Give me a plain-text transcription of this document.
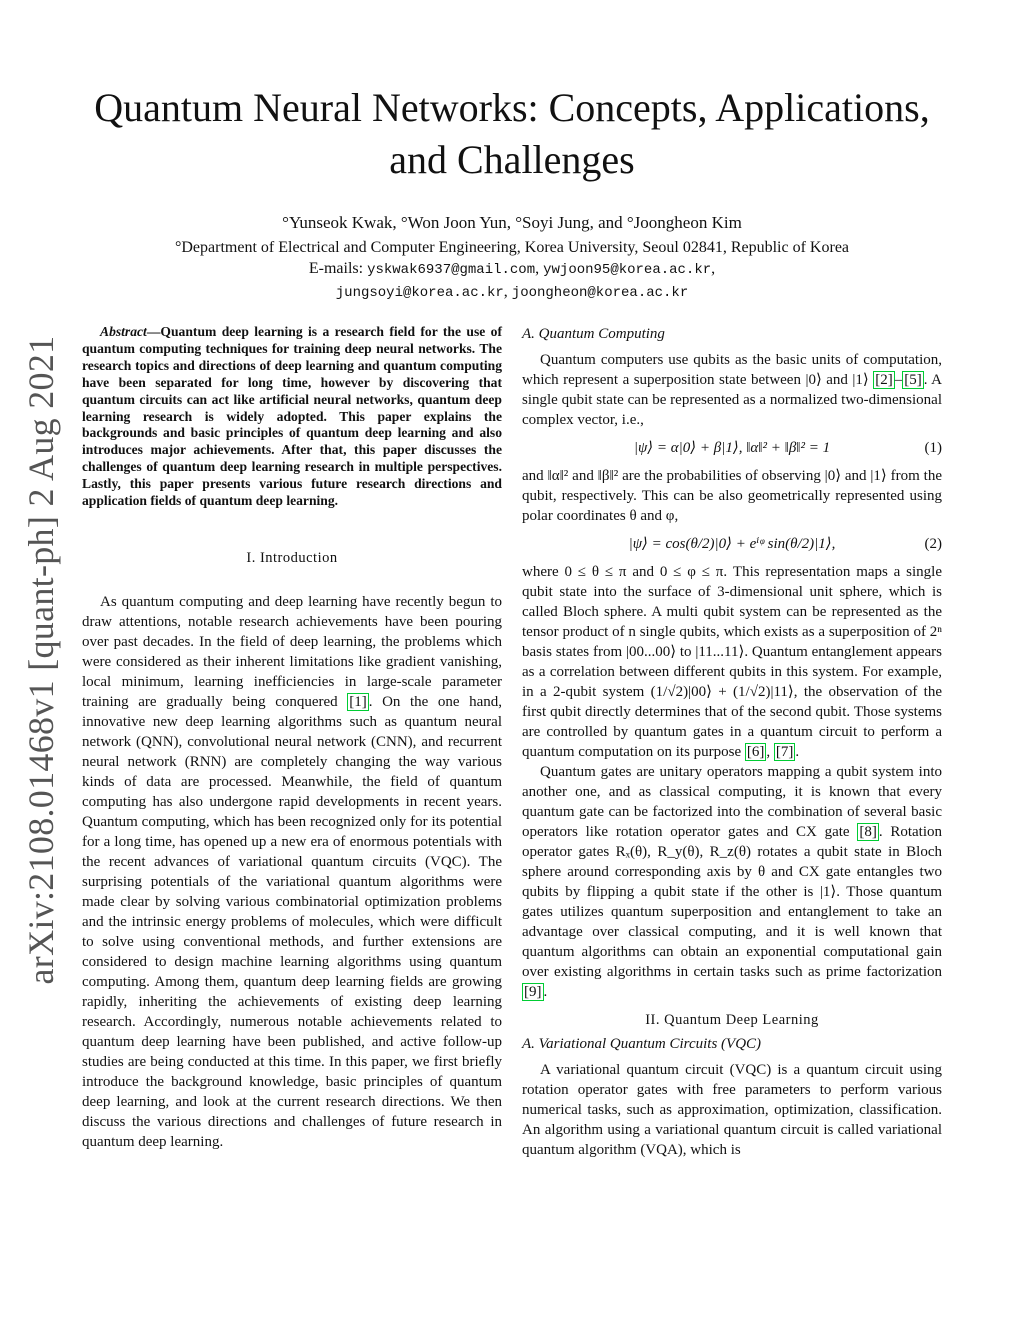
arXiv:2108.01468v1 [quant-ph] 2 Aug 2021
Quantum Neural Networks: Concepts, Applications,
and Challenges
°Yunseok Kwak, °Won Joon Yun, °Soyi Jung, and °Joongheon Kim
°Department of Electrical and Computer Engineering, Korea University, Seoul 02841, Republic of Korea
E-mails: yskwak6937@gmail.com, ywjoon95@korea.ac.kr,
jungsoyi@korea.ac.kr, joongheon@korea.ac.kr

Abstract—Quantum deep learning is a research field for the use of quantum computing techniques for training deep neural networks. The research topics and directions of deep learning and quantum computing have been separated for long time, however by discovering that quantum circuits can act like artificial neural networks, quantum deep learning research is widely adopted. This paper explains the backgrounds and basic principles of quantum deep learning and also introduces major achievements. After that, this paper discusses the challenges of quantum deep learning research in multiple perspectives. Lastly, this paper presents various future research directions and application fields of quantum deep learning.

I. Introduction

As quantum computing and deep learning have recently begun to draw attentions, notable research achievements have been pouring over past decades. In the field of deep learning, the problems which were considered as their inherent limitations like gradient vanishing, local minimum, learning inefficiencies in large-scale parameter training are gradually being conquered [1] . On the one hand, innovative new deep learning algorithms such as quantum neural network (QNN), convolutional neural network (CNN), and recurrent neural network (RNN) are completely changing the way various kinds of data are processed. Meanwhile, the field of quantum computing has also undergone rapid developments in recent years. Quantum computing, which has been recognized only for its potential for a long time, has opened up a new era of enormous potentials with the recent advances of variational quantum circuits (VQC). The surprising potentials of the variational quantum algorithms were made clear by solving various combinatorial optimization problems and the intrinsic energy problems of molecules, which were difficult to solve using conventional methods, and further extensions are considered to design machine learning algorithms using quantum computing. Among them, quantum deep learning fields are growing rapidly, inheriting the achievements of existing deep learning research. Accordingly, numerous notable achievements related to quantum deep learning have been published, and active follow-up studies are being conducted at this time. In this paper, we first briefly introduce the background knowledge, basic principles of quantum deep learning, and look at the current research directions. We then discuss the various directions and challenges of future research in quantum deep learning.

A. Quantum Computing

Quantum computers use qubits as the basic units of computation, which represent a superposition state between |0⟩ and |1⟩ [2] – [5] . A single qubit state can be represented as a normalized two-dimensional complex vector, i.e.,

|ψ⟩ = α|0⟩ + β|1⟩, ‖α‖² + ‖β‖² = 1	(1)

and ‖α‖² and ‖β‖² are the probabilities of observing |0⟩ and |1⟩ from the qubit, respectively. This can be also geometrically represented using polar coordinates θ and φ,

|ψ⟩ = cos(θ/2)|0⟩ + eⁱᵠ sin(θ/2)|1⟩,	(2)

where 0 ≤ θ ≤ π and 0 ≤ φ ≤ π. This representation maps a single qubit state into the surface of 3-dimensional unit sphere, which is called Bloch sphere. A multi qubit system can be represented as the tensor product of n single qubits, which exists as a superposition of 2ⁿ basis states from |00...00⟩ to |11...11⟩. Quantum entanglement appears as a correlation between different qubits in this system. For example, in a 2-qubit system (1/√2)|00⟩ + (1/√2)|11⟩, the observation of the first qubit directly determines that of the second qubit. Those systems are controlled by quantum gates in a quantum circuit to perform a quantum computation on its purpose [6] , [7] .

Quantum gates are unitary operators mapping a qubit system into another one, and as classical computing, it is known that every quantum gate can be factorized into the combination of several basic operators like rotation operator gates and CX gate [8] . Rotation operator gates Rₓ(θ), R_y(θ), R_z(θ) rotates a qubit state in Bloch sphere around corresponding axis by θ and CX gate entangles two qubits by flipping a qubit state if the other is |1⟩. Those quantum gates utilizes quantum superposition and entanglement to take an advantage over classical computing, and it is well known that quantum algorithms can obtain an exponential computational gain over existing algorithms in certain tasks such as prime factorization [9] .

II. Quantum Deep Learning
A. Variational Quantum Circuits (VQC)

A variational quantum circuit (VQC) is a quantum circuit using rotation operator gates with free parameters to perform various numerical tasks, such as approximation, optimization, classification. An algorithm using a variational quantum circuit is called variational quantum algorithm (VQA), which is
